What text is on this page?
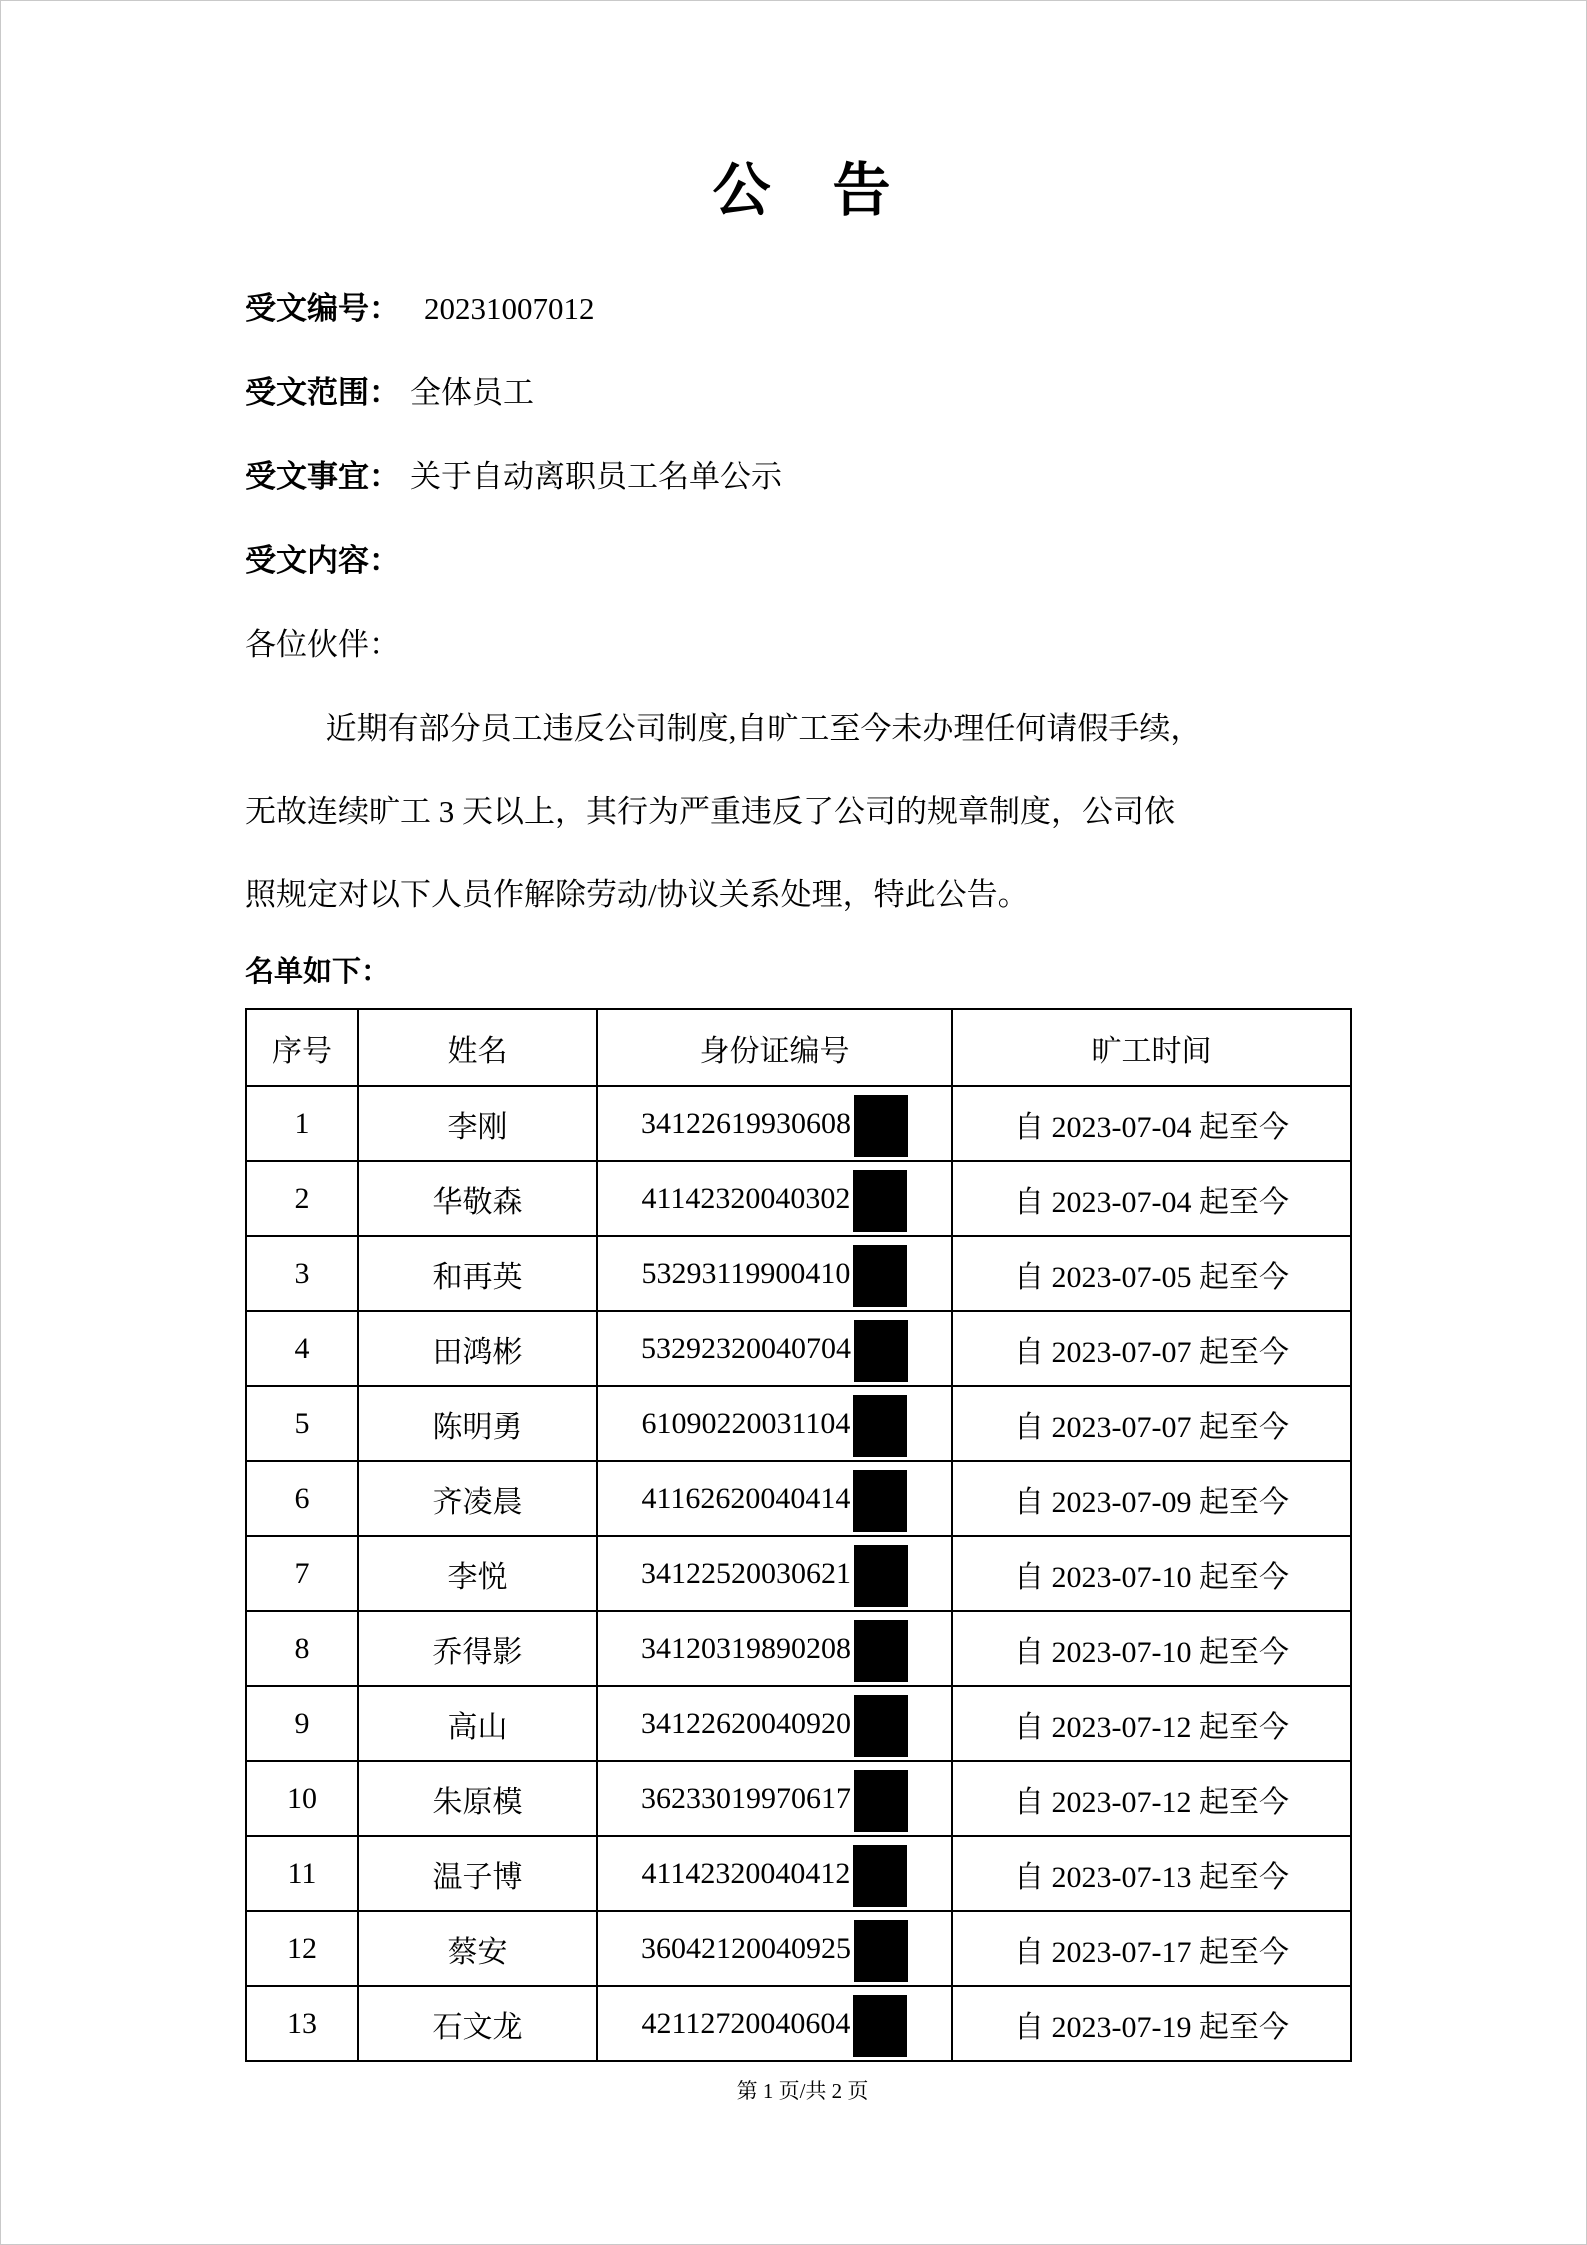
公　告
受文编号： 20231007012
受文范围： 全体员工
受文事宜： 关于自动离职员工名单公示
受文内容：
各位伙伴：
近期有部分员工违反公司制度,自旷工至今未办理任何请假手续，
无故连续旷工 3 天以上，其行为严重违反了公司的规章制度，公司依
照规定对以下人员作解除劳动/协议关系处理，特此公告。
名单如下：
序号	姓名	身份证编号	旷工时间
1	李刚	34122619930608	自 2023-07-04 起至今
2	华敬森	41142320040302	自 2023-07-04 起至今
3	和再英	53293119900410	自 2023-07-05 起至今
4	田鸿彬	53292320040704	自 2023-07-07 起至今
5	陈明勇	61090220031104	自 2023-07-07 起至今
6	齐凌晨	41162620040414	自 2023-07-09 起至今
7	李悦	34122520030621	自 2023-07-10 起至今
8	乔得影	34120319890208	自 2023-07-10 起至今
9	高山	34122620040920	自 2023-07-12 起至今
10	朱原模	36233019970617	自 2023-07-12 起至今
11	温子博	41142320040412	自 2023-07-13 起至今
12	蔡安	36042120040925	自 2023-07-17 起至今
13	石文龙	42112720040604	自 2023-07-19 起至今
第 1 页/共 2 页
